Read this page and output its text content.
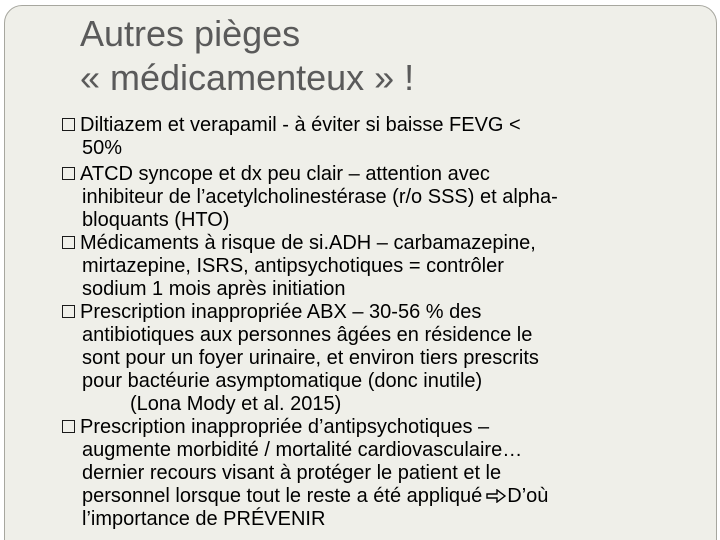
Autres pièges
« médicamenteux » !
Diltiazem et verapamil - à éviter si baisse FEVG <
50%
ATCD syncope et dx peu clair – attention avec
inhibiteur de l’acetylcholinestérase (r/o SSS) et alpha-
bloquants (HTO)
Médicaments à risque de si.ADH – carbamazepine,
mirtazepine, ISRS, antipsychotiques = contrôler
sodium 1 mois après initiation
Prescription inappropriée ABX – 30-56 % des
antibiotiques aux personnes âgées en résidence le
sont pour un foyer urinaire, et environ tiers prescrits
pour bactéurie asymptomatique (donc inutile)
(Lona Mody et al. 2015)
Prescription inappropriée d’antipsychotiques –
augmente morbidité / mortalité cardiovasculaire…
dernier recours visant à protéger le patient et le
personnel lorsque tout le reste a été appliqué D’où
l’importance de PRÉVENIR
